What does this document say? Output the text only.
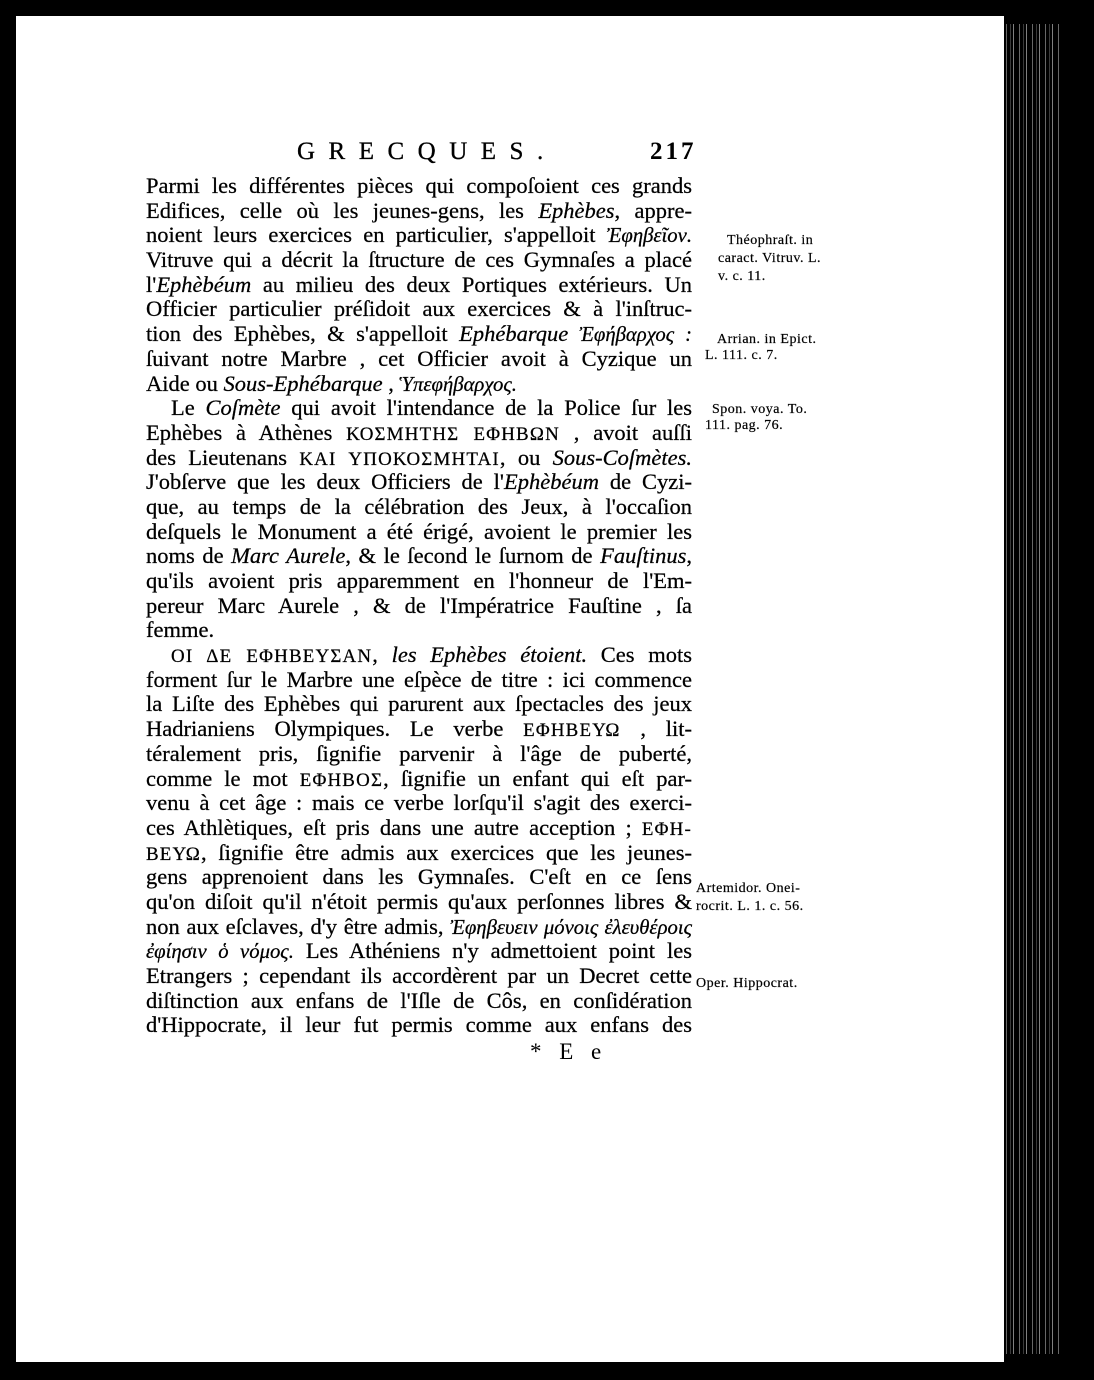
GRECQUES.	217
Parmi les différentes pièces qui compoſoient ces grands
Edifices, celle où les jeunes-gens, les Ephèbes, appre-
noient leurs exercices en particulier, s'appelloit Ἐφηβεῖον.
Vitruve qui a décrit la ſtructure de ces Gymnaſes a placé
l'Ephèbéum au milieu des deux Portiques extérieurs. Un
Officier particulier préſidoit aux exercices & à l'inſtruc-
tion des Ephèbes, & s'appelloit Ephébarque Ἐφήβαρχος :
ſuivant notre Marbre , cet Officier avoit à Cyzique un
Aide ou Sous-Ephébarque , Ὑπεφήβαρχος.
Le Coſmète qui avoit l'intendance de la Police ſur les
Ephèbes à Athènes ΚΟΣΜΗΤΗΣ ΕΦΗΒΩΝ , avoit auſſi
des Lieutenans ΚΑΙ ΥΠΟΚΟΣΜΗΤΑΙ, ou Sous-Coſmètes.
J'obſerve que les deux Officiers de l'Ephèbéum de Cyzi-
que, au temps de la célébration des Jeux, à l'occaſion
deſquels le Monument a été érigé, avoient le premier les
noms de Marc Aurele, & le ſecond le ſurnom de Fauſtinus,
qu'ils avoient pris apparemment en l'honneur de l'Em-
pereur Marc Aurele , & de l'Impératrice Fauſtine , ſa
femme.
ΟΙ ΔΕ ΕΦΗΒΕΥΣΑΝ, les Ephèbes étoient. Ces mots
forment ſur le Marbre une eſpèce de titre : ici commence
la Liſte des Ephèbes qui parurent aux ſpectacles des jeux
Hadrianiens Olympiques. Le verbe ΕΦΗΒΕΥΩ , lit-
téralement pris, ſignifie parvenir à l'âge de puberté,
comme le mot ΕΦΗΒΟΣ, ſignifie un enfant qui eſt par-
venu à cet âge : mais ce verbe lorſqu'il s'agit des exerci-
ces Athlètiques, eſt pris dans une autre acception ; ΕΦΗ-
ΒΕΥΩ, ſignifie être admis aux exercices que les jeunes-
gens apprenoient dans les Gymnaſes. C'eſt en ce ſens
qu'on diſoit qu'il n'étoit permis qu'aux perſonnes libres &
non aux eſclaves, d'y être admis, Ἐφηβευειν μόνοις ἐλευθέροις
ἐφίησιν ὁ νόμος. Les Athéniens n'y admettoient point les
Etrangers ; cependant ils accordèrent par un Decret cette
diſtinction aux enfans de l'Iſle de Côs, en conſidération
d'Hippocrate, il leur fut permis comme aux enfans des
Théophraſt. in
caract. Vitruv. L.
v. c. 11.
Arrian. in Epict.
L. 111. c. 7.
Spon. voya. To.
111. pag. 76.
Artemidor. Onei-
rocrit. L. 1. c. 56.
Oper. Hippocrat.
* E e
